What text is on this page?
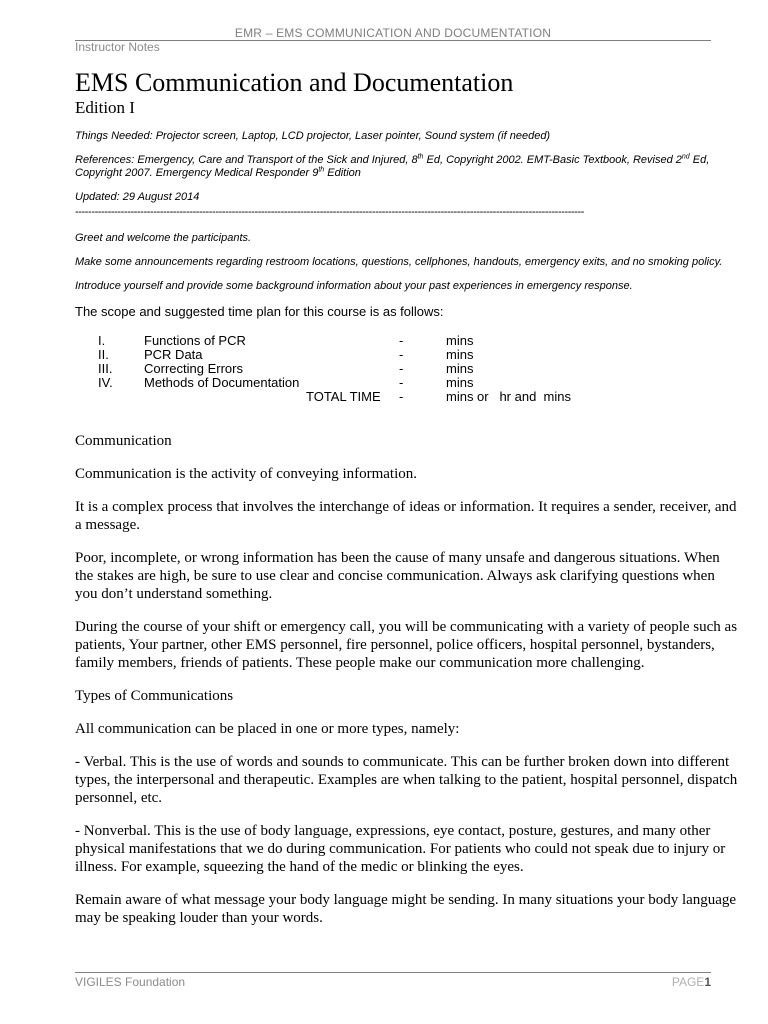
EMR – EMS COMMUNICATION AND DOCUMENTATION
Instructor Notes
EMS Communication and Documentation
Edition I

Things Needed: Projector screen, Laptop, LCD projector, Laser pointer, Sound system (if needed)

References: Emergency, Care and Transport of the Sick and Injured, 8th Ed, Copyright 2002. EMT-Basic Textbook, Revised 2nd Ed, Copyright 2007. Emergency Medical Responder 9th Edition

Updated: 29 August 2014

------------------------------------------------------------------------------------------------------------------------------------------------------------

Greet and welcome the participants.

Make some announcements regarding restroom locations, questions, cellphones, handouts, emergency exits, and no smoking policy.

Introduce yourself and provide some background information about your past experiences in emergency response.

The scope and suggested time plan for this course is as follows:

I.	Functions of PCR	-	mins
II.	PCR Data	-	mins
III. Correcting Errors	-	mins
IV. Methods of Documentation	-	mins
TOTAL TIME -	mins or   hr and  mins

Communication

Communication is the activity of conveying information.

It is a complex process that involves the interchange of ideas or information. It requires a sender, receiver, and a message.

Poor, incomplete, or wrong information has been the cause of many unsafe and dangerous situations. When the stakes are high, be sure to use clear and concise communication. Always ask clarifying questions when you don’t understand something.

During the course of your shift or emergency call, you will be communicating with a variety of people such as patients, Your partner, other EMS personnel, fire personnel, police officers, hospital personnel, bystanders, family members, friends of patients. These people make our communication more challenging.

Types of Communications

All communication can be placed in one or more types, namely:

- Verbal. This is the use of words and sounds to communicate. This can be further broken down into different types, the interpersonal and therapeutic. Examples are when talking to the patient, hospital personnel, dispatch personnel, etc.

- Nonverbal. This is the use of body language, expressions, eye contact, posture, gestures, and many other physical manifestations that we do during communication. For patients who could not speak due to injury or illness. For example, squeezing the hand of the medic or blinking the eyes.

Remain aware of what message your body language might be sending. In many situations your body language may be speaking louder than your words.

VIGILES Foundation	PAGE1
